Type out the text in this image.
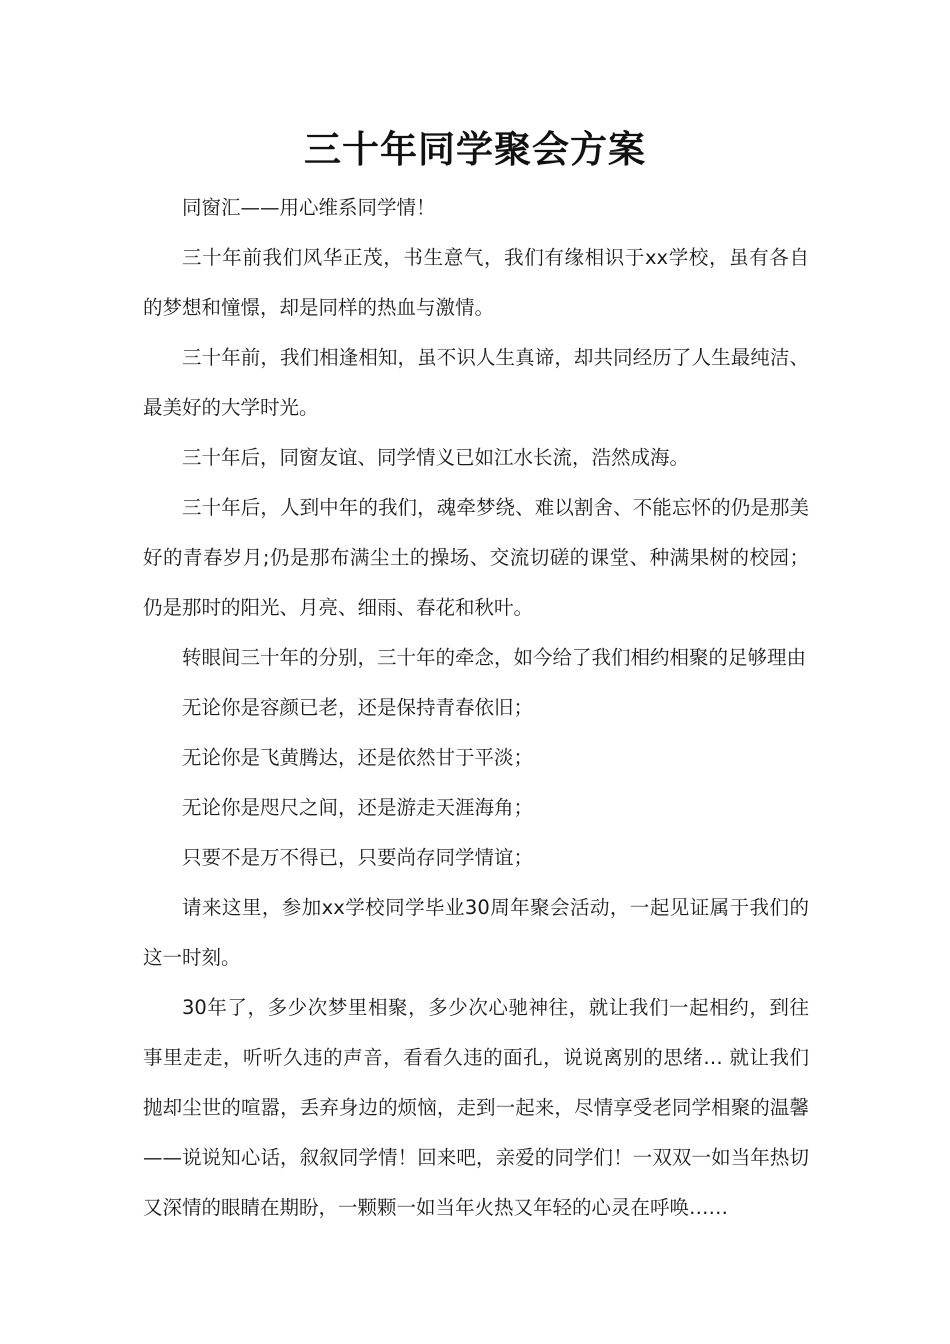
三十年同学聚会方案

同窗汇——用心维系同学情！

三十年前我们风华正茂，书生意气，我们有缘相识于xx学校，虽有各自的梦想和憧憬，却是同样的热血与激情。

三十年前，我们相逢相知，虽不识人生真谛，却共同经历了人生最纯洁、最美好的大学时光。

三十年后，同窗友谊、同学情义已如江水长流，浩然成海。

三十年后，人到中年的我们，魂牵梦绕、难以割舍、不能忘怀的仍是那美好的青春岁月;仍是那布满尘土的操场、交流切磋的课堂、种满果树的校园；仍是那时的阳光、月亮、细雨、春花和秋叶。

转眼间三十年的分别，三十年的牵念，如今给了我们相约相聚的足够理由

无论你是容颜已老，还是保持青春依旧；

无论你是飞黄腾达，还是依然甘于平淡；

无论你是咫尺之间，还是游走天涯海角；

只要不是万不得已，只要尚存同学情谊；

请来这里，参加xx学校同学毕业30周年聚会活动，一起见证属于我们的这一时刻。

30年了，多少次梦里相聚，多少次心驰神往，就让我们一起相约，到往事里走走，听听久违的声音，看看久违的面孔，说说离别的思绪… 就让我们抛却尘世的喧嚣，丢弃身边的烦恼，走到一起来，尽情享受老同学相聚的温馨——说说知心话，叙叙同学情！回来吧，亲爱的同学们！一双双一如当年热切又深情的眼睛在期盼，一颗颗一如当年火热又年轻的心灵在呼唤……
